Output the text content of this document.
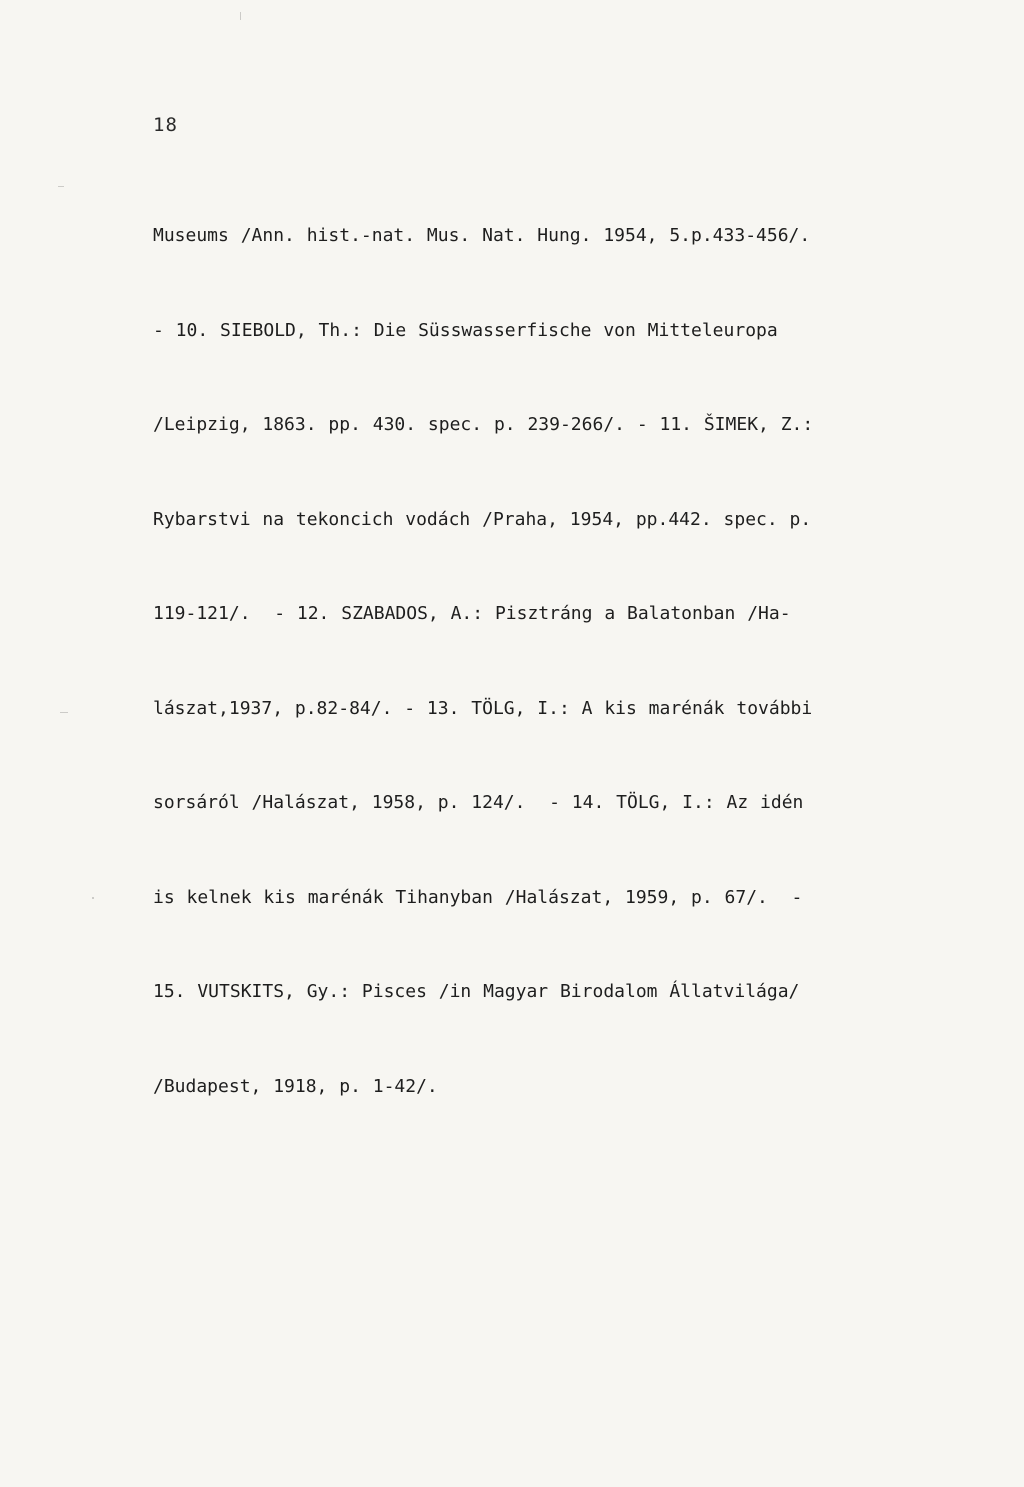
18

Museums /Ann. hist.-nat. Mus. Nat. Hung. 1954, 5.p.433-456/.

- 10. SIEBOLD, Th.: Die Süsswasserfische von Mitteleuropa

/Leipzig, 1863. pp. 430. spec. p. 239-266/. - 11. ŠIMEK, Z.:

Rybarstvi na tekoncich vodách /Praha, 1954, pp.442. spec. p.

119-121/.  - 12. SZABADOS, A.: Pisztráng a Balatonban /Ha-

lászat,1937, p.82-84/. - 13. TÖLG, I.: A kis marénák további

sorsáról /Halászat, 1958, p. 124/.  - 14. TÖLG, I.: Az idén

is kelnek kis marénák Tihanyban /Halászat, 1959, p. 67/.  -

15. VUTSKITS, Gy.: Pisces /in Magyar Birodalom Állatvilága/

/Budapest, 1918, p. 1-42/.
